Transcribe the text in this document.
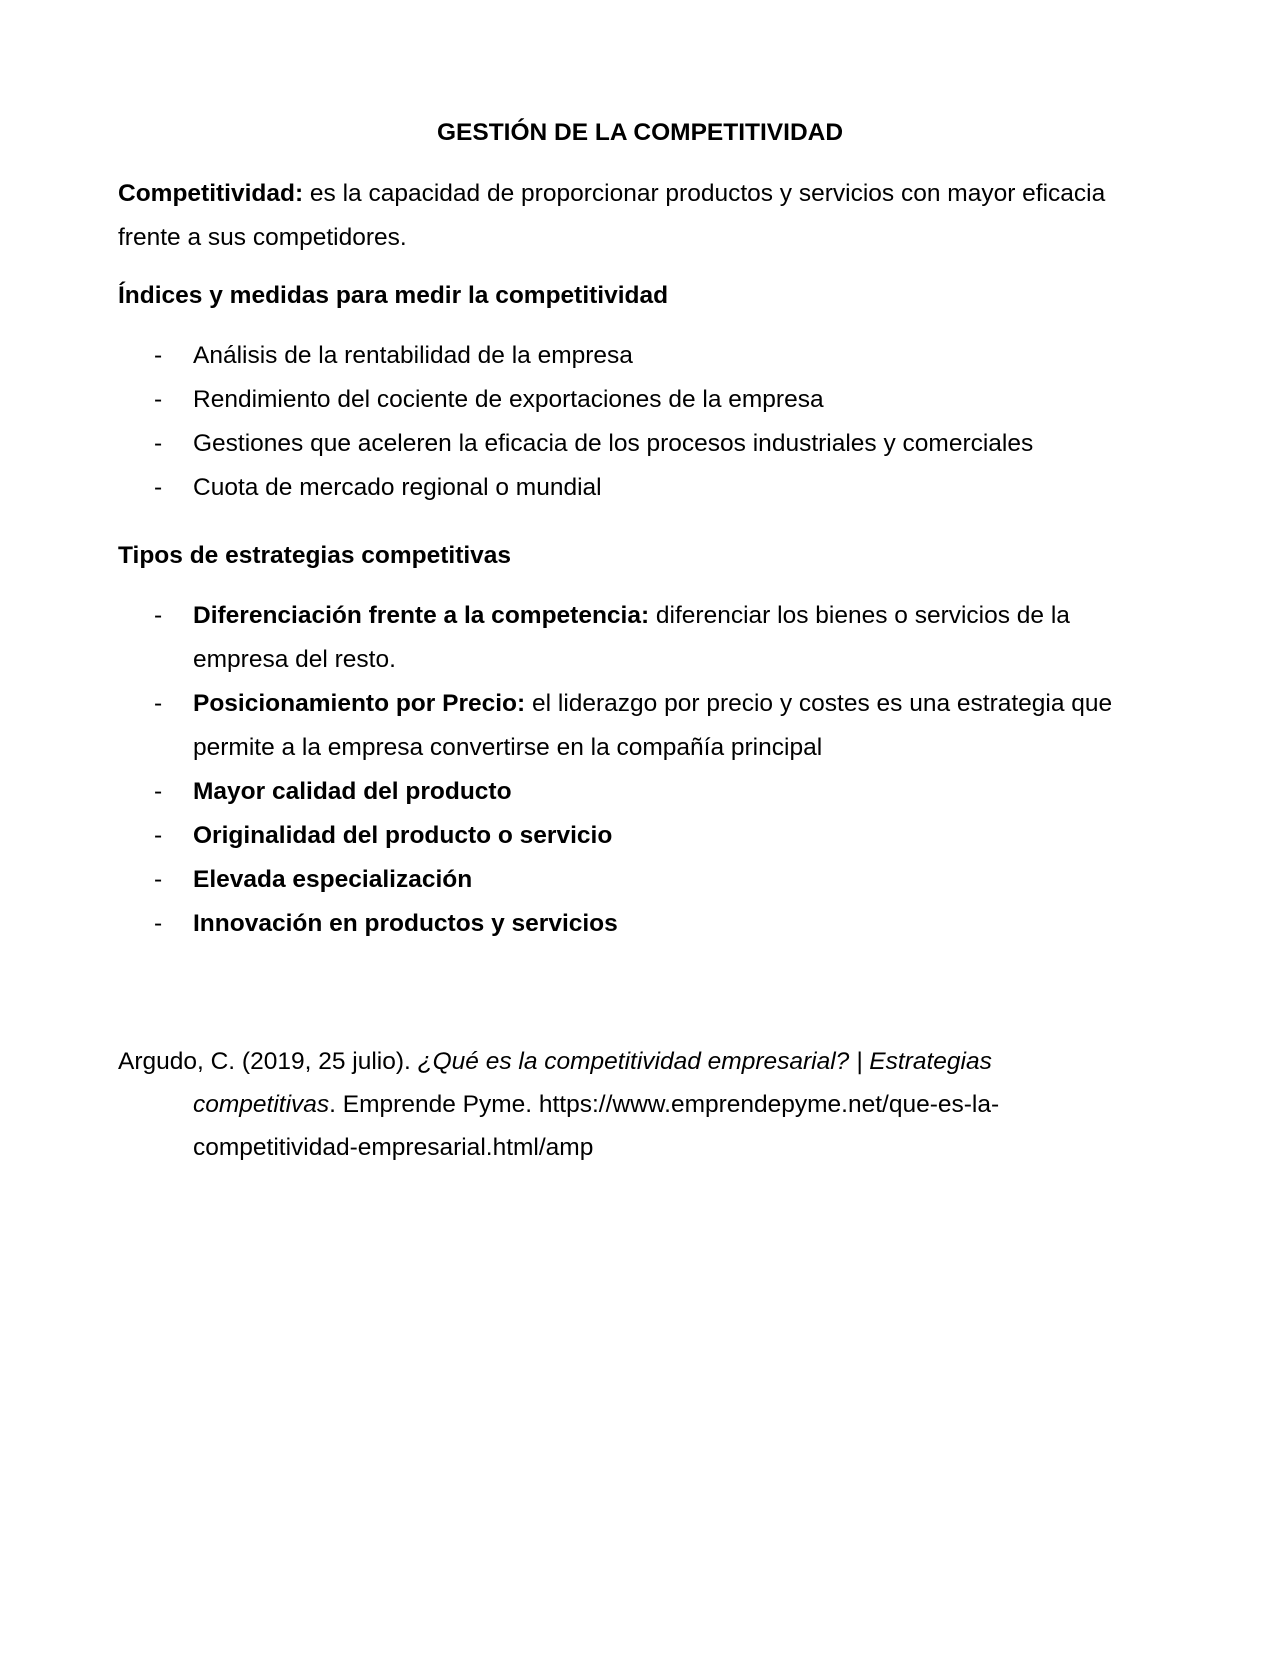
GESTIÓN DE LA COMPETITIVIDAD
Competitividad: es la capacidad de proporcionar productos y servicios con mayor eficacia frente a sus competidores.
Índices y medidas para medir la competitividad
- Análisis de la rentabilidad de la empresa
- Rendimiento del cociente de exportaciones de la empresa
- Gestiones que aceleren la eficacia de los procesos industriales y comerciales
- Cuota de mercado regional o mundial
Tipos de estrategias competitivas
- Diferenciación frente a la competencia: diferenciar los bienes o servicios de la empresa del resto.
- Posicionamiento por Precio: el liderazgo por precio y costes es una estrategia que permite a la empresa convertirse en la compañía principal
- Mayor calidad del producto
- Originalidad del producto o servicio
- Elevada especialización
- Innovación en productos y servicios
Argudo, C. (2019, 25 julio). ¿Qué es la competitividad empresarial? | Estrategias competitivas. Emprende Pyme. https://www.emprendepyme.net/que-es-la-competitividad-empresarial.html/amp
